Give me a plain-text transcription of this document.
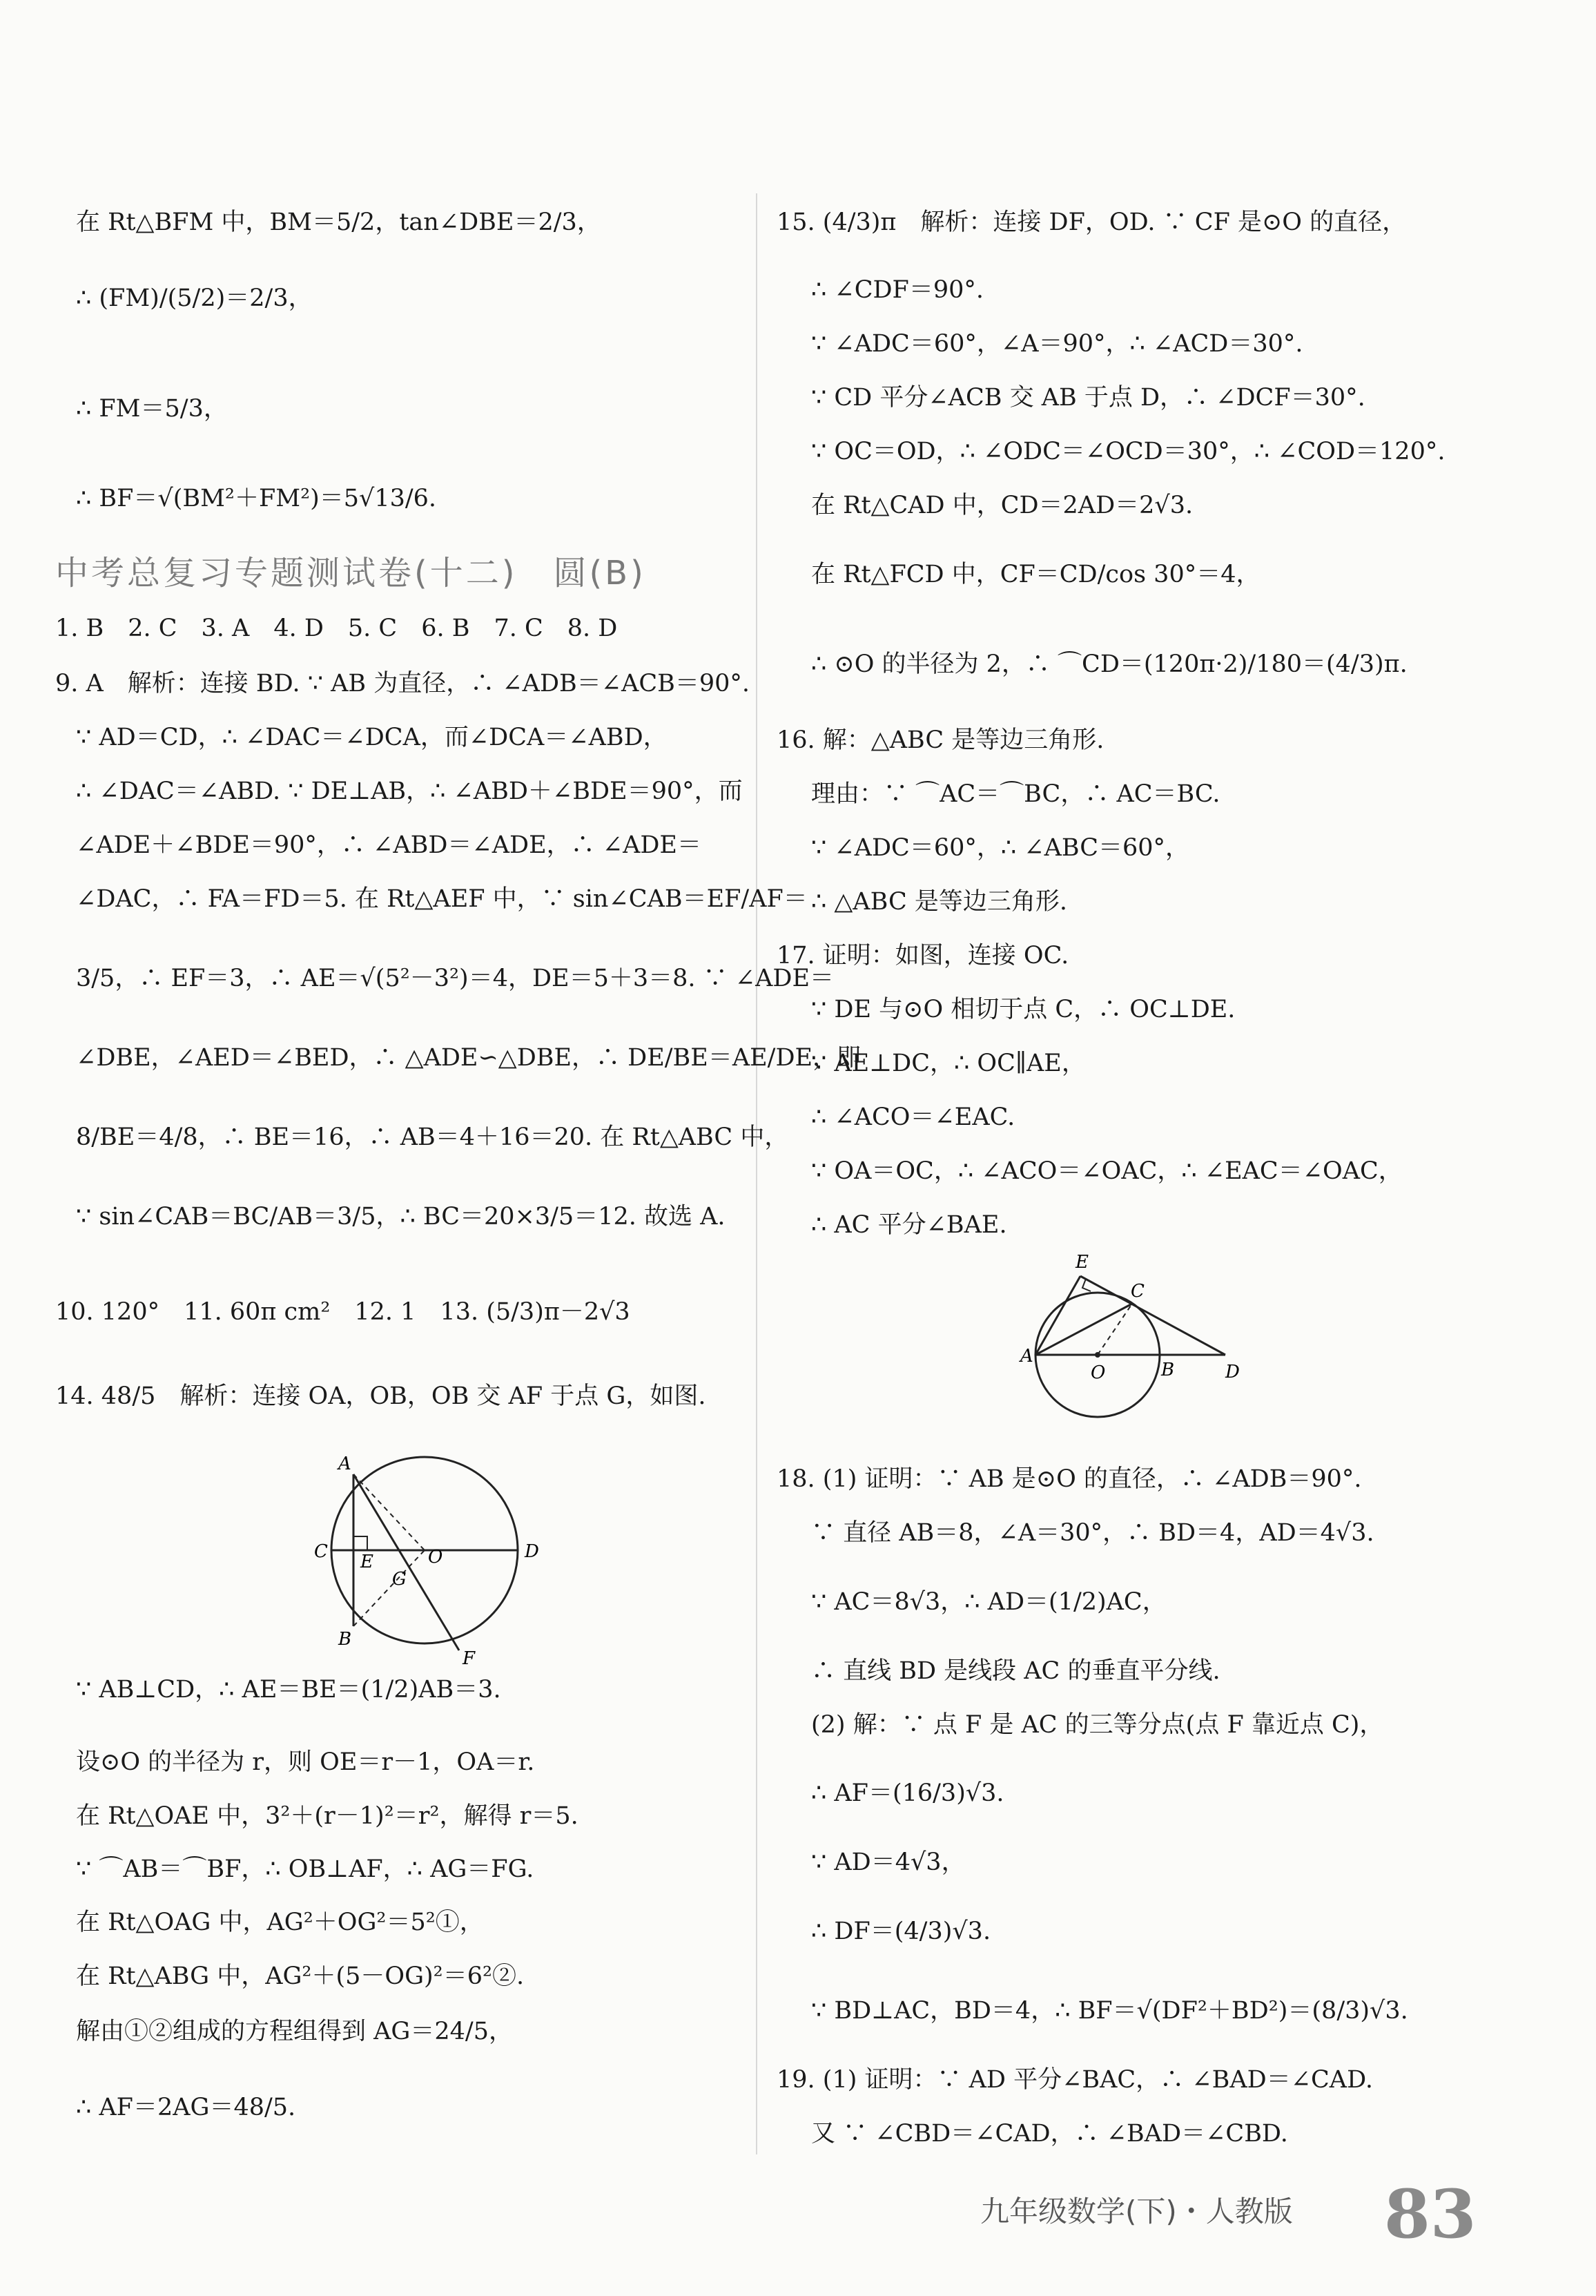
在 Rt△BFM 中，BM＝5/2，tan∠DBE＝2/3，
∴ (FM)/(5/2)＝2/3，
∴ FM＝5/3，
∴ BF＝√(BM²＋FM²)＝5√13/6.
中考总复习专题测试卷(十二)　圆(B)
1. B　2. C　3. A　4. D　5. C　6. B　7. C　8. D
9. A　解析：连接 BD. ∵ AB 为直径，∴ ∠ADB＝∠ACB＝90°.
∵ AD＝CD，∴ ∠DAC＝∠DCA，而∠DCA＝∠ABD，
∴ ∠DAC＝∠ABD. ∵ DE⊥AB，∴ ∠ABD＋∠BDE＝90°，而
∠ADE＋∠BDE＝90°，∴ ∠ABD＝∠ADE，∴ ∠ADE＝
∠DAC，∴ FA＝FD＝5. 在 Rt△AEF 中，∵ sin∠CAB＝EF/AF＝
3/5，∴ EF＝3，∴ AE＝√(5²－3²)＝4，DE＝5＋3＝8. ∵ ∠ADE＝
∠DBE，∠AED＝∠BED，∴ △ADE∽△DBE，∴ DE/BE＝AE/DE，即
8/BE＝4/8，∴ BE＝16，∴ AB＝4＋16＝20. 在 Rt△ABC 中，
∵ sin∠CAB＝BC/AB＝3/5，∴ BC＝20×3/5＝12. 故选 A.
10. 120°　11. 60π cm²　12. 1　13. (5/3)π－2√3
14. 48/5　解析：连接 OA，OB，OB 交 AF 于点 G，如图.
∵ AB⊥CD，∴ AE＝BE＝(1/2)AB＝3.
设⊙O 的半径为 r，则 OE＝r－1，OA＝r.
在 Rt△OAE 中，3²＋(r－1)²＝r²，解得 r＝5.
∵ ⌒AB＝⌒BF，∴ OB⊥AF，∴ AG＝FG.
在 Rt△OAG 中，AG²＋OG²＝5²①，
在 Rt△ABG 中，AG²＋(5－OG)²＝6²②.
解由①②组成的方程组得到 AG＝24/5，
∴ AF＝2AG＝48/5.
15. (4/3)π　解析：连接 DF，OD. ∵ CF 是⊙O 的直径，
∴ ∠CDF＝90°.
∵ ∠ADC＝60°，∠A＝90°，∴ ∠ACD＝30°.
∵ CD 平分∠ACB 交 AB 于点 D，∴ ∠DCF＝30°.
∵ OC＝OD，∴ ∠ODC＝∠OCD＝30°，∴ ∠COD＝120°.
在 Rt△CAD 中，CD＝2AD＝2√3.
在 Rt△FCD 中，CF＝CD/cos 30°＝4，
∴ ⊙O 的半径为 2，∴ ⌒CD＝(120π·2)/180＝(4/3)π.
16. 解：△ABC 是等边三角形.
理由：∵ ⌒AC＝⌒BC，∴ AC＝BC.
∵ ∠ADC＝60°，∴ ∠ABC＝60°，
∴ △ABC 是等边三角形.
17. 证明：如图，连接 OC.
∵ DE 与⊙O 相切于点 C，∴ OC⊥DE.
∵ AE⊥DC，∴ OC∥AE，
∴ ∠ACO＝∠EAC.
∵ OA＝OC，∴ ∠ACO＝∠OAC，∴ ∠EAC＝∠OAC，
∴ AC 平分∠BAE.
18. (1) 证明：∵ AB 是⊙O 的直径，∴ ∠ADB＝90°.
∵ 直径 AB＝8，∠A＝30°，∴ BD＝4，AD＝4√3.
∵ AC＝8√3，∴ AD＝(1/2)AC，
∴ 直线 BD 是线段 AC 的垂直平分线.
(2) 解：∵ 点 F 是 AC 的三等分点(点 F 靠近点 C)，
∴ AF＝(16/3)√3.
∵ AD＝4√3，
∴ DF＝(4/3)√3.
∵ BD⊥AC，BD＝4，∴ BF＝√(DF²＋BD²)＝(8/3)√3.
19. (1) 证明：∵ AD 平分∠BAC，∴ ∠BAD＝∠CAD.
又 ∵ ∠CBD＝∠CAD，∴ ∠BAD＝∠CBD.
A
B
C	D
E
F
G
O
A
B
C
D
E
O
九年级数学(下)・人教版 83
